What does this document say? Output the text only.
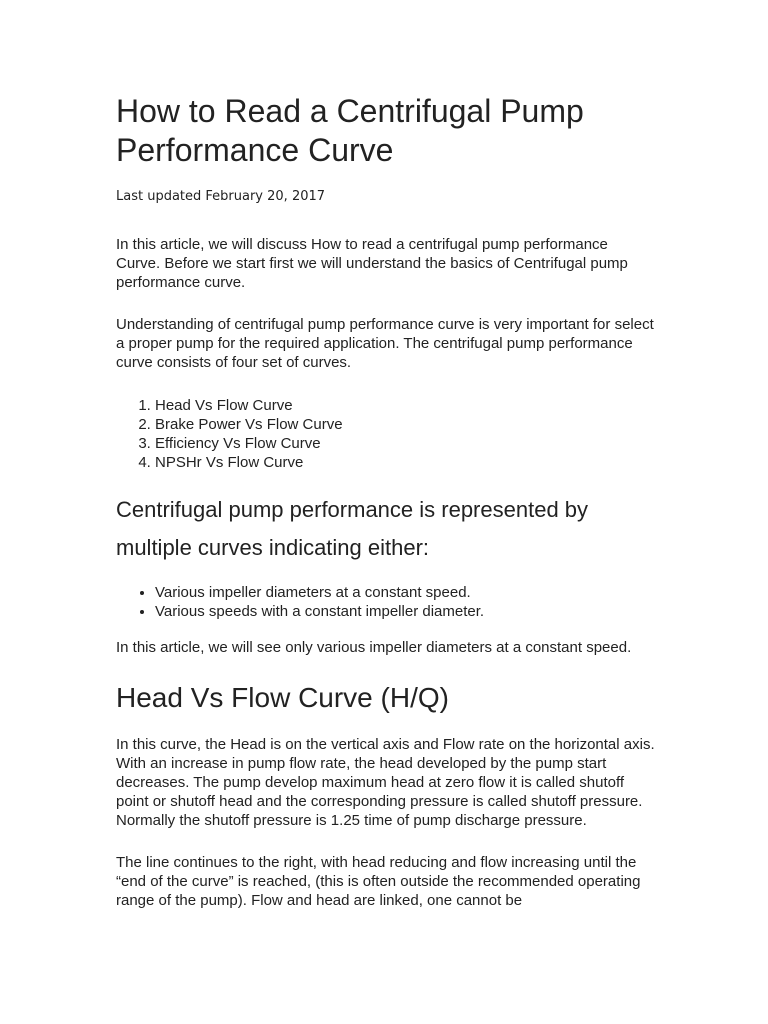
How to Read a Centrifugal Pump Performance Curve
Last updated February 20, 2017

In this article, we will discuss How to read a centrifugal pump performance Curve. Before we start first we will understand the basics of Centrifugal pump performance curve.

Understanding of centrifugal pump performance curve is very important for select a proper pump for the required application. The centrifugal pump performance curve consists of four set of curves.

1. Head Vs Flow Curve
2. Brake Power Vs Flow Curve
3. Efficiency Vs Flow Curve
4. NPSHr Vs Flow Curve
Centrifugal pump performance is represented by multiple curves indicating either:
• Various impeller diameters at a constant speed.
• Various speeds with a constant impeller diameter.

In this article, we will see only various impeller diameters at a constant speed.

Head Vs Flow Curve (H/Q)

In this curve, the Head is on the vertical axis and Flow rate on the horizontal axis. With an increase in pump flow rate, the head developed by the pump start decreases. The pump develop maximum head at zero flow it is called shutoff point or shutoff head and the corresponding pressure is called shutoff pressure. Normally the shutoff pressure is 1.25 time of pump discharge pressure.

The line continues to the right, with head reducing and flow increasing until the “end of the curve” is reached, (this is often outside the recommended operating range of the pump). Flow and head are linked, one cannot be
